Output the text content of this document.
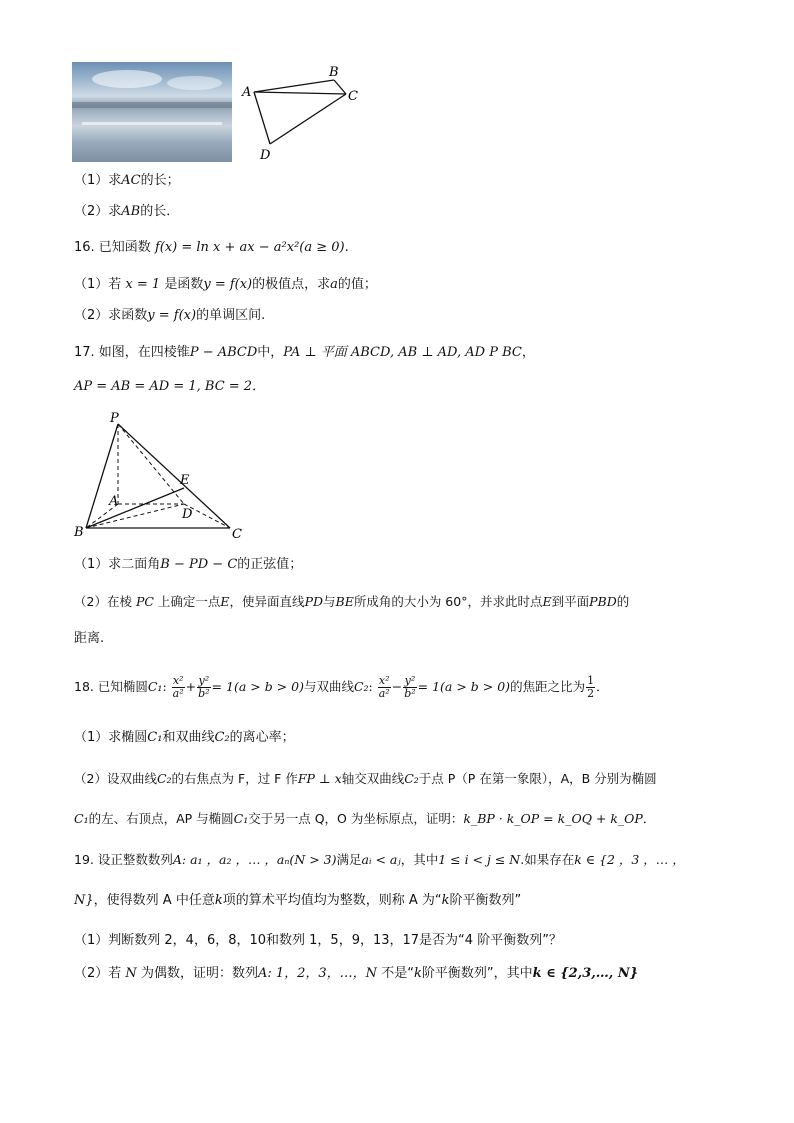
A
B
C
D
（1）求AC的长；
（2）求AB的长．
16. 已知函数 f(x) = ln x + ax − a²x²(a ≥ 0).
（1）若 x = 1 是函数y = f(x)的极值点，求a的值；
（2）求函数y = f(x)的单调区间.
17. 如图，在四棱锥P − ABCD中，PA ⊥ 平面 ABCD, AB ⊥ AD, AD P BC，
AP = AB = AD = 1, BC = 2．
P
A
B	C
D
E
（1）求二面角B − PD − C的正弦值；
（2）在棱 PC 上确定一点E，使异面直线PD与BE所成角的大小为 60°，并求此时点E到平面PBD的
距离.
18. 已知椭圆C₁: $\frac{\text{x²}}{\text{a²}} + \frac{\text{y²}}{\text{b²}} = 1(a > b > 0)$与双曲线C₂: $\frac{\text{x²}}{\text{a²}} - \frac{\text{y²}}{\text{b²}} = 1(a > b > 0)$的焦距之比为 $\frac{1}{2}$ ．
（1）求椭圆C₁和双曲线C₂的离心率；
（2）设双曲线C₂的右焦点为 F，过 F 作FP ⊥ x轴交双曲线C₂于点 P（P 在第一象限），A，B 分别为椭圆
C₁的左、右顶点，AP 与椭圆C₁交于另一点 Q，O 为坐标原点，证明：k_BP · k_OP = k_OQ + k_OP．
19. 设正整数数列A: a₁ ，a₂ ，… ，aₙ(N > 3)满足aᵢ < aⱼ，其中1 ≤ i < j ≤ N.如果存在k ∈ {2 ，3 ，… ，
N}，使得数列 A 中任意k项的算术平均值均为整数，则称 A 为“k阶平衡数列”
（1）判断数列 2，4，6，8，10和数列 1，5，9，13，17是否为“4 阶平衡数列”？
（2）若 N 为偶数，证明：数列A: 1，2，3，…，N 不是“k阶平衡数列”，其中k ∈ {2,3,…, N}
